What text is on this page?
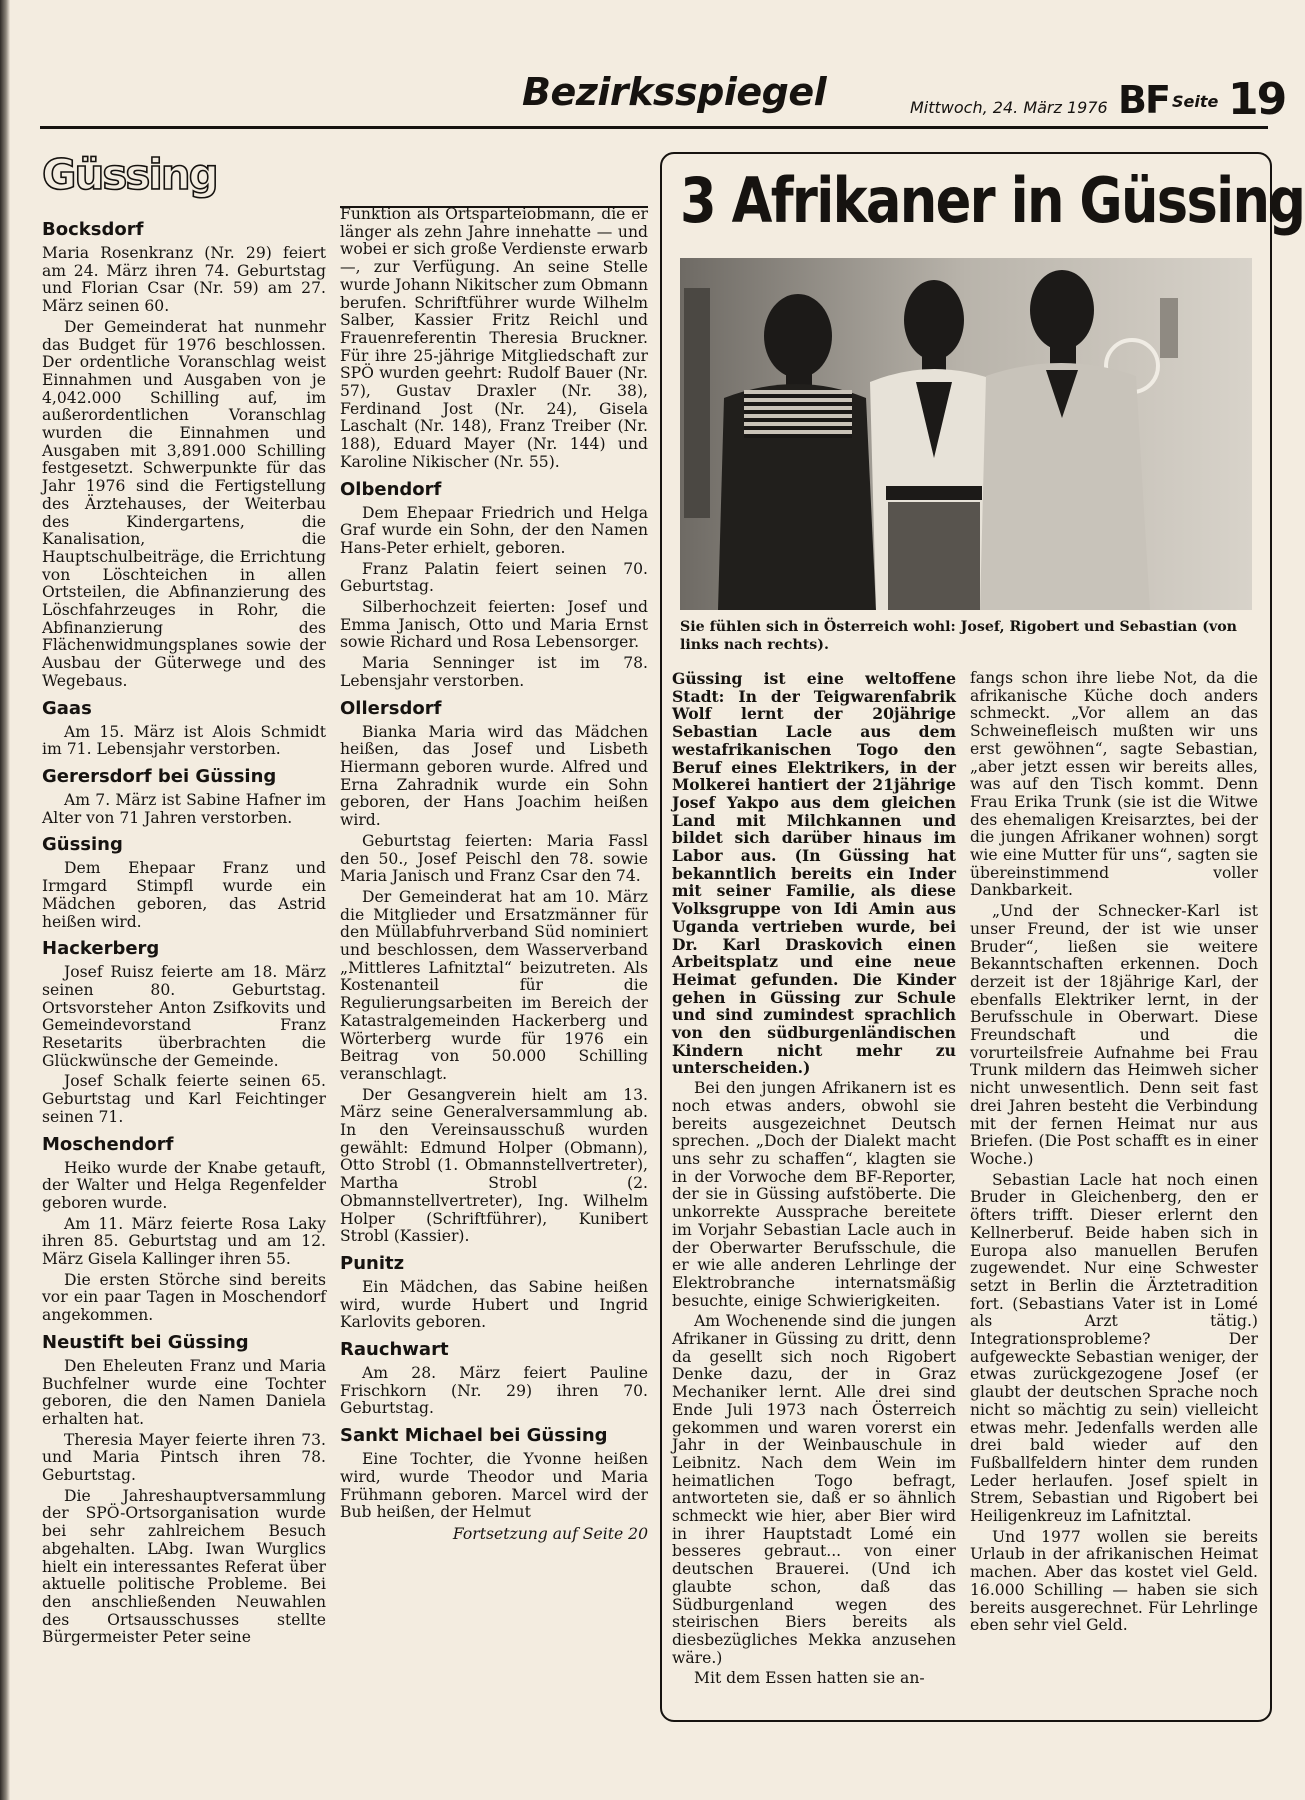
Bezirksspiegel	Mittwoch, 24. März 1976 BF Seite 19
Güssing
Bocksdorf

Maria Rosenkranz (Nr. 29) feiert am 24. März ihren 74. Geburtstag und Florian Csar (Nr. 59) am 27. März seinen 60.

Der Gemeinderat hat nunmehr das Budget für 1976 beschlossen. Der ordentliche Voranschlag weist Einnahmen und Ausgaben von je 4,042.000 Schilling auf, im außerordentlichen Voranschlag wurden die Einnahmen und Ausgaben mit 3,891.000 Schilling festgesetzt. Schwerpunkte für das Jahr 1976 sind die Fertigstellung des Ärztehauses, der Weiterbau des Kindergartens, die Kanalisation, die Hauptschulbeiträge, die Errichtung von Löschteichen in allen Ortsteilen, die Abfinanzierung des Löschfahrzeuges in Rohr, die Abfinanzierung des Flächenwidmungsplanes sowie der Ausbau der Güterwege und des Wegebaus.

Gaas

Am 15. März ist Alois Schmidt im 71. Lebensjahr verstorben.

Gerersdorf bei Güssing

Am 7. März ist Sabine Hafner im Alter von 71 Jahren verstorben.

Güssing

Dem Ehepaar Franz und Irmgard Stimpfl wurde ein Mädchen geboren, das Astrid heißen wird.

Hackerberg

Josef Ruisz feierte am 18. März seinen 80. Geburtstag. Ortsvorsteher Anton Zsifkovits und Gemeindevorstand Franz Resetarits überbrachten die Glückwünsche der Gemeinde.

Josef Schalk feierte seinen 65. Geburtstag und Karl Feichtinger seinen 71.

Moschendorf

Heiko wurde der Knabe getauft, der Walter und Helga Regenfelder geboren wurde.

Am 11. März feierte Rosa Laky ihren 85. Geburtstag und am 12. März Gisela Kallinger ihren 55.

Die ersten Störche sind bereits vor ein paar Tagen in Moschendorf angekommen.

Neustift bei Güssing

Den Eheleuten Franz und Maria Buchfelner wurde eine Tochter geboren, die den Namen Daniela erhalten hat.

Theresia Mayer feierte ihren 73. und Maria Pintsch ihren 78. Geburtstag.

Die Jahreshauptversammlung der SPÖ-Ortsorganisation wurde bei sehr zahlreichem Besuch abgehalten. LAbg. Iwan Wurglics hielt ein interessantes Referat über aktuelle politische Probleme. Bei den anschließenden Neuwahlen des Ortsausschusses stellte Bürgermeister Peter seine

Funktion als Ortsparteiobmann, die er länger als zehn Jahre innehatte — und wobei er sich große Verdienste erwarb —, zur Verfügung. An seine Stelle wurde Johann Nikitscher zum Obmann berufen. Schriftführer wurde Wilhelm Salber, Kassier Fritz Reichl und Frauenreferentin Theresia Bruckner. Für ihre 25-jährige Mitgliedschaft zur SPÖ wurden geehrt: Rudolf Bauer (Nr. 57), Gustav Draxler (Nr. 38), Ferdinand Jost (Nr. 24), Gisela Laschalt (Nr. 148), Franz Treiber (Nr. 188), Eduard Mayer (Nr. 144) und Karoline Nikischer (Nr. 55).

Olbendorf

Dem Ehepaar Friedrich und Helga Graf wurde ein Sohn, der den Namen Hans-Peter erhielt, geboren.

Franz Palatin feiert seinen 70. Geburtstag.

Silberhochzeit feierten: Josef und Emma Janisch, Otto und Maria Ernst sowie Richard und Rosa Lebensorger.

Maria Senninger ist im 78. Lebensjahr verstorben.

Ollersdorf

Bianka Maria wird das Mädchen heißen, das Josef und Lisbeth Hiermann geboren wurde. Alfred und Erna Zahradnik wurde ein Sohn geboren, der Hans Joachim heißen wird.

Geburtstag feierten: Maria Fassl den 50., Josef Peischl den 78. sowie Maria Janisch und Franz Csar den 74.

Der Gemeinderat hat am 10. März die Mitglieder und Ersatzmänner für den Müllabfuhrverband Süd nominiert und beschlossen, dem Wasserverband „Mittleres Lafnitztal“ beizutreten. Als Kostenanteil für die Regulierungsarbeiten im Bereich der Katastralgemeinden Hackerberg und Wörterberg wurde für 1976 ein Beitrag von 50.000 Schilling veranschlagt.

Der Gesangverein hielt am 13. März seine Generalversammlung ab. In den Vereinsausschuß wurden gewählt: Edmund Holper (Obmann), Otto Strobl (1. Obmannstellvertreter), Martha Strobl (2. Obmannstellvertreter), Ing. Wilhelm Holper (Schriftführer), Kunibert Strobl (Kassier).

Punitz

Ein Mädchen, das Sabine heißen wird, wurde Hubert und Ingrid Karlovits geboren.

Rauchwart

Am 28. März feiert Pauline Frischkorn (Nr. 29) ihren 70. Geburtstag.

Sankt Michael bei Güssing

Eine Tochter, die Yvonne heißen wird, wurde Theodor und Maria Frühmann geboren. Marcel wird der Bub heißen, der Helmut

Fortsetzung auf Seite 20
3 Afrikaner in Güssing
Sie fühlen sich in Österreich wohl: Josef, Rigobert und Sebastian (von links nach rechts).

Güssing ist eine weltoffene Stadt: In der Teigwarenfabrik Wolf lernt der 20jährige Sebastian Lacle aus dem westafrikanischen Togo den Beruf eines Elektrikers, in der Molkerei hantiert der 21jährige Josef Yakpo aus dem gleichen Land mit Milchkannen und bildet sich darüber hinaus im Labor aus. (In Güssing hat bekanntlich bereits ein Inder mit seiner Familie, als diese Volksgruppe von Idi Amin aus Uganda vertrieben wurde, bei Dr. Karl Draskovich einen Arbeitsplatz und eine neue Heimat gefunden. Die Kinder gehen in Güssing zur Schule und sind zumindest sprachlich von den südburgenländischen Kindern nicht mehr zu unterscheiden.)

Bei den jungen Afrikanern ist es noch etwas anders, obwohl sie bereits ausgezeichnet Deutsch sprechen. „Doch der Dialekt macht uns sehr zu schaffen“, klagten sie in der Vorwoche dem BF-Reporter, der sie in Güssing aufstöberte. Die unkorrekte Aussprache bereitete im Vorjahr Sebastian Lacle auch in der Oberwarter Berufsschule, die er wie alle anderen Lehrlinge der Elektrobranche internatsmäßig besuchte, einige Schwierigkeiten.

Am Wochenende sind die jungen Afrikaner in Güssing zu dritt, denn da gesellt sich noch Rigobert Denke dazu, der in Graz Mechaniker lernt. Alle drei sind Ende Juli 1973 nach Österreich gekommen und waren vorerst ein Jahr in der Weinbauschule in Leibnitz. Nach dem Wein im heimatlichen Togo befragt, antworteten sie, daß er so ähnlich schmeckt wie hier, aber Bier wird in ihrer Hauptstadt Lomé ein besseres gebraut... von einer deutschen Brauerei. (Und ich glaubte schon, daß das Südburgenland wegen des steirischen Biers bereits als diesbezügliches Mekka anzusehen wäre.)

Mit dem Essen hatten sie an-

fangs schon ihre liebe Not, da die afrikanische Küche doch anders schmeckt. „Vor allem an das Schweinefleisch mußten wir uns erst gewöhnen“, sagte Sebastian, „aber jetzt essen wir bereits alles, was auf den Tisch kommt. Denn Frau Erika Trunk (sie ist die Witwe des ehemaligen Kreisarztes, bei der die jungen Afrikaner wohnen) sorgt wie eine Mutter für uns“, sagten sie übereinstimmend voller Dankbarkeit.

„Und der Schnecker-Karl ist unser Freund, der ist wie unser Bruder“, ließen sie weitere Bekanntschaften erkennen. Doch derzeit ist der 18jährige Karl, der ebenfalls Elektriker lernt, in der Berufsschule in Oberwart. Diese Freundschaft und die vorurteilsfreie Aufnahme bei Frau Trunk mildern das Heimweh sicher nicht unwesentlich. Denn seit fast drei Jahren besteht die Verbindung mit der fernen Heimat nur aus Briefen. (Die Post schafft es in einer Woche.)

Sebastian Lacle hat noch einen Bruder in Gleichenberg, den er öfters trifft. Dieser erlernt den Kellnerberuf. Beide haben sich in Europa also manuellen Berufen zugewendet. Nur eine Schwester setzt in Berlin die Ärztetradition fort. (Sebastians Vater ist in Lomé als Arzt tätig.) Integrationsprobleme? Der aufgeweckte Sebastian weniger, der etwas zurückgezogene Josef (er glaubt der deutschen Sprache noch nicht so mächtig zu sein) vielleicht etwas mehr. Jedenfalls werden alle drei bald wieder auf den Fußballfeldern hinter dem runden Leder herlaufen. Josef spielt in Strem, Sebastian und Rigobert bei Heiligenkreuz im Lafnitztal.

Und 1977 wollen sie bereits Urlaub in der afrikanischen Heimat machen. Aber das kostet viel Geld. 16.000 Schilling — haben sie sich bereits ausgerechnet. Für Lehrlinge eben sehr viel Geld.
